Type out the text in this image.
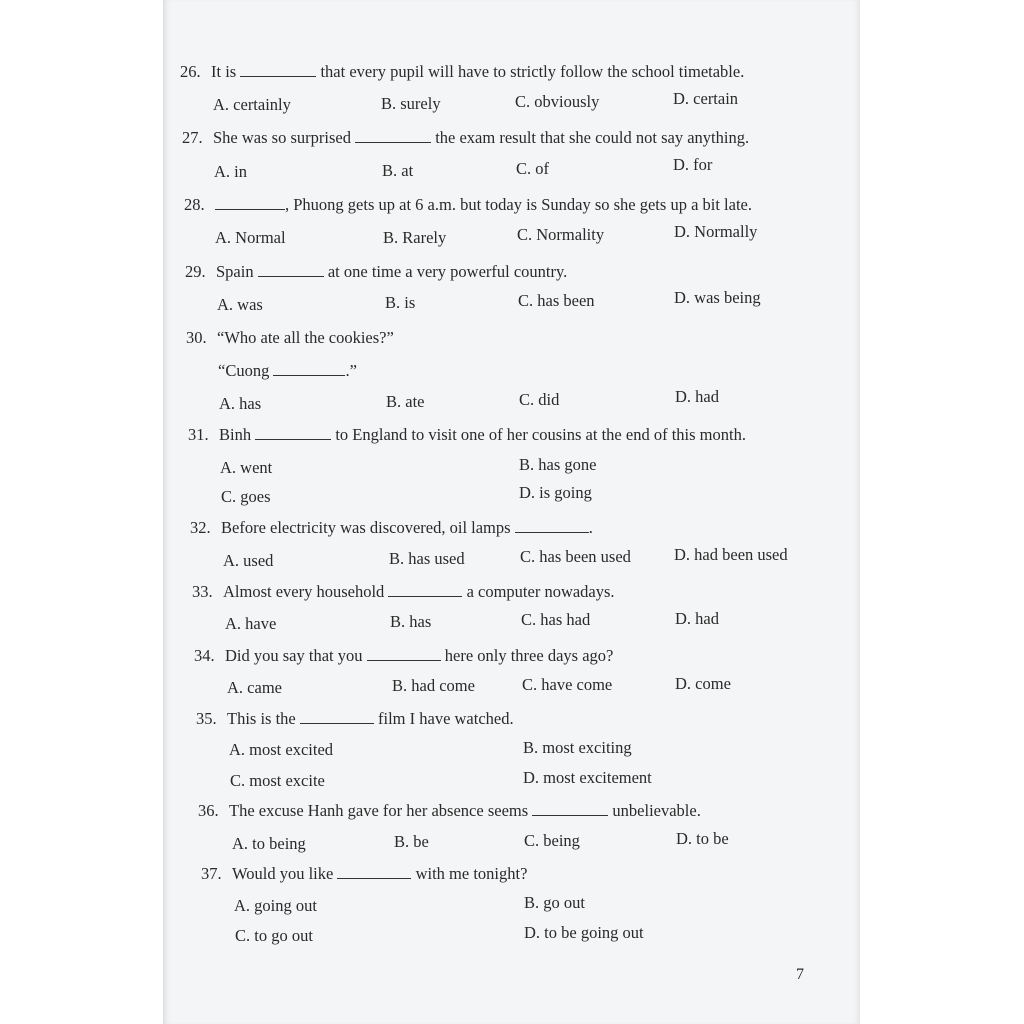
26. It is	that every pupil will have to strictly follow the school timetable.
A. certainly	B. surely	C. obviously	D. certain
27. She was so surprised	the exam result that she could not say anything.
A. in	B. at	C. of	D. for
28.	, Phuong gets up at 6 a.m. but today is Sunday so she gets up a bit late.
A. Normal	B. Rarely	C. Normality	D. Normally
29. Spain	at one time a very powerful country.
A. was	B. is	C. has been	D. was being
30. “Who ate all the cookies?”
“Cuong	.”
A. has	B. ate	C. did	D. had
31. Binh	to England to visit one of her cousins at the end of this month.
A. went	B. has gone
C. goes	D. is going
32. Before electricity was discovered, oil lamps	.
A. used	B. has used	C. has been used	D. had been used
33. Almost every household	a computer nowadays.
A. have	B. has	C. has had	D. had
34. Did you say that you	here only three days ago?
A. came	B. had come	C. have come	D. come
35. This is the	film I have watched.
A. most excited	B. most exciting
C. most excite	D. most excitement
36. The excuse Hanh gave for her absence seems	unbelievable.
A. to being	B. be	C. being	D. to be
37. Would you like	with me tonight?
A. going out	B. go out
C. to go out	D. to be going out
7
